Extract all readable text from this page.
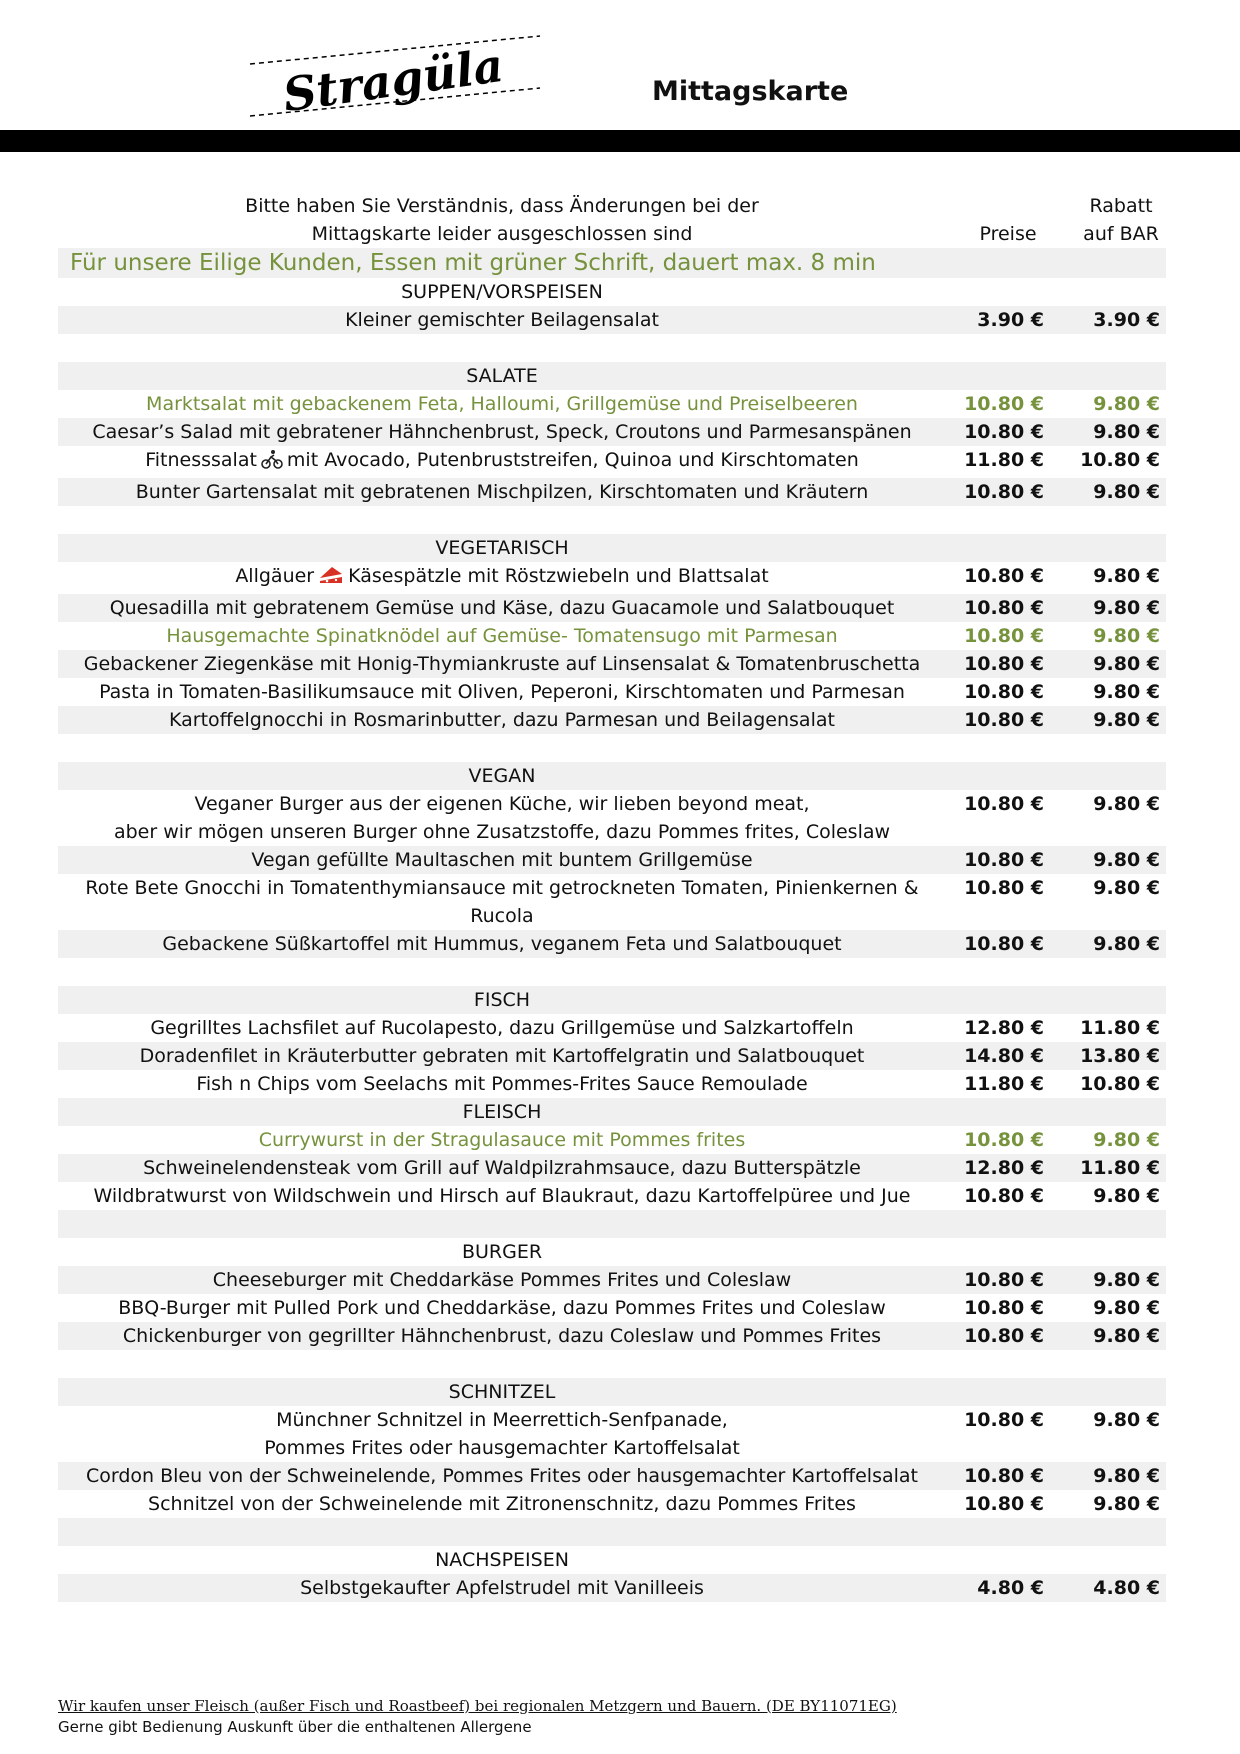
Stragüla	Mittagskarte
Bitte haben Sie Verständnis, dass Änderungen bei der
Mittagskarte leider ausgeschlossen sind	Preise
Rabatt
auf BAR
Für unsere Eilige Kunden, Essen mit grüner Schrift, dauert max. 8 min
SUPPEN/VORSPEISEN
Kleiner gemischter Beilagensalat	3.90 €	3.90 €
SALATE
Marktsalat mit gebackenem Feta, Halloumi, Grillgemüse und Preiselbeeren	10.80 €	9.80 €
Caesar’s Salad mit gebratener Hähnchenbrust, Speck, Croutons und Parmesanspänen	10.80 €	9.80 €
Fitnesssalat mit Avocado, Putenbruststreifen, Quinoa und Kirschtomaten	11.80 €	10.80 €
Bunter Gartensalat mit gebratenen Mischpilzen, Kirschtomaten und Kräutern	10.80 €	9.80 €
VEGETARISCH
Allgäuer Käsespätzle mit Röstzwiebeln und Blattsalat	10.80 €	9.80 €
Quesadilla mit gebratenem Gemüse und Käse, dazu Guacamole und Salatbouquet	10.80 €	9.80 €
Hausgemachte Spinatknödel auf Gemüse- Tomatensugo mit Parmesan	10.80 €	9.80 €
Gebackener Ziegenkäse mit Honig-Thymiankruste auf Linsensalat & Tomatenbruschetta	10.80 €	9.80 €
Pasta in Tomaten-Basilikumsauce mit Oliven, Peperoni, Kirschtomaten und Parmesan	10.80 €	9.80 €
Kartoffelgnocchi in Rosmarinbutter, dazu Parmesan und Beilagensalat	10.80 €	9.80 €
VEGAN
Veganer Burger aus der eigenen Küche, wir lieben beyond meat,
aber wir mögen unseren Burger ohne Zusatzstoffe, dazu Pommes frites, Coleslaw
10.80 €	9.80 €
Vegan gefüllte Maultaschen mit buntem Grillgemüse	10.80 €	9.80 €
Rote Bete Gnocchi in Tomatenthymiansauce mit getrockneten Tomaten, Pinienkernen &
Rucola
10.80 €	9.80 €
Gebackene Süßkartoffel mit Hummus, veganem Feta und Salatbouquet	10.80 €	9.80 €
FISCH
Gegrilltes Lachsfilet auf Rucolapesto, dazu Grillgemüse und Salzkartoffeln	12.80 €	11.80 €
Doradenfilet in Kräuterbutter gebraten mit Kartoffelgratin und Salatbouquet	14.80 €	13.80 €
Fish n Chips vom Seelachs mit Pommes-Frites Sauce Remoulade	11.80 €	10.80 €
FLEISCH
Currywurst in der Stragulasauce mit Pommes frites	10.80 €	9.80 €
Schweinelendensteak vom Grill auf Waldpilzrahmsauce, dazu Butterspätzle	12.80 €	11.80 €
Wildbratwurst von Wildschwein und Hirsch auf Blaukraut, dazu Kartoffelpüree und Jue	10.80 €	9.80 €
BURGER
Cheeseburger mit Cheddarkäse Pommes Frites und Coleslaw	10.80 €	9.80 €
BBQ-Burger mit Pulled Pork und Cheddarkäse, dazu Pommes Frites und Coleslaw	10.80 €	9.80 €
Chickenburger von gegrillter Hähnchenbrust, dazu Coleslaw und Pommes Frites	10.80 €	9.80 €
SCHNITZEL
Münchner Schnitzel in Meerrettich-Senfpanade,
Pommes Frites oder hausgemachter Kartoffelsalat
10.80 €	9.80 €
Cordon Bleu von der Schweinelende, Pommes Frites oder hausgemachter Kartoffelsalat	10.80 €	9.80 €
Schnitzel von der Schweinelende mit Zitronenschnitz, dazu Pommes Frites	10.80 €	9.80 €
NACHSPEISEN
Selbstgekaufter Apfelstrudel mit Vanilleeis	4.80 €	4.80 €
Wir kaufen unser Fleisch (außer Fisch und Roastbeef) bei regionalen Metzgern und Bauern. (DE BY11071EG)
Gerne gibt Bedienung Auskunft über die enthaltenen Allergene
